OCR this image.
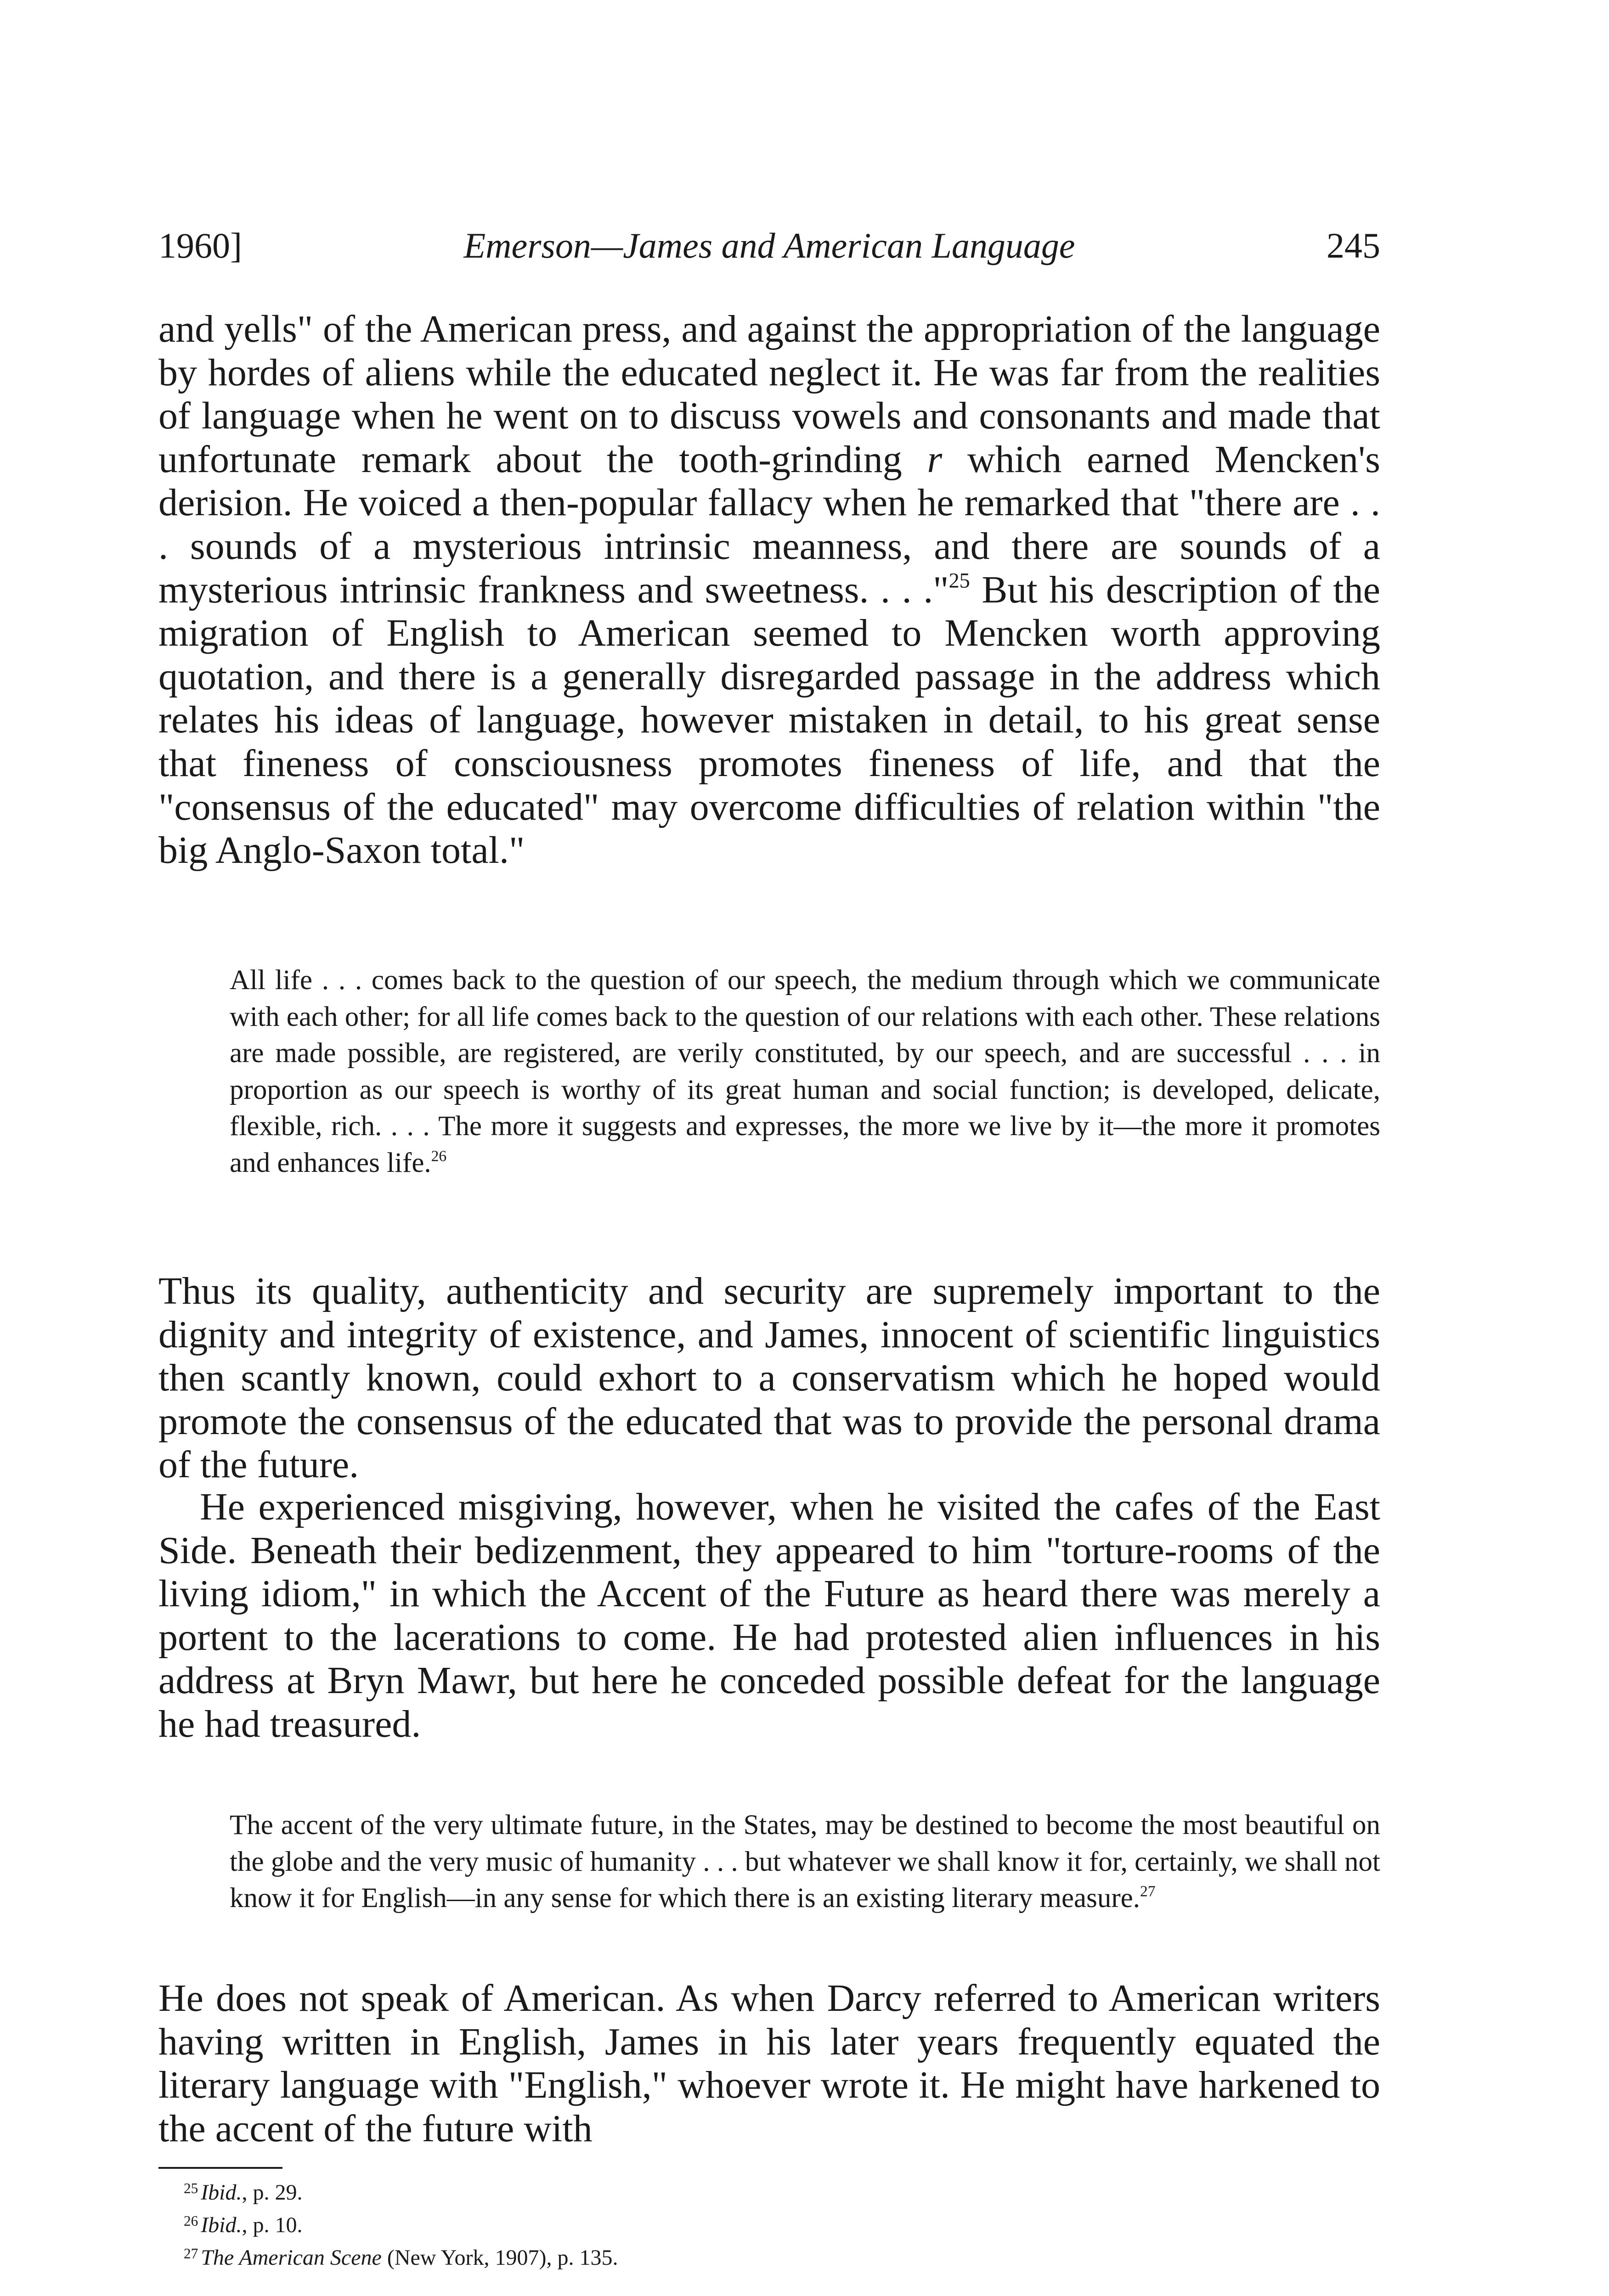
1960]	Emerson—James and American Language	245

and yells" of the American press, and against the appropriation of the language by hordes of aliens while the educated neglect it. He was far from the realities of language when he went on to discuss vowels and consonants and made that unfortunate remark about the tooth-grinding r which earned Mencken's derision. He voiced a then-popular fallacy when he remarked that "there are . . . sounds of a mysterious intrinsic meanness, and there are sounds of a mysterious intrinsic frankness and sweetness. . . ."$^{25}$ But his description of the migration of English to American seemed to Mencken worth approving quotation, and there is a generally disregarded passage in the address which relates his ideas of language, however mistaken in detail, to his great sense that fineness of consciousness promotes fineness of life, and that the "consensus of the educated" may overcome difficulties of relation within "the big Anglo-Saxon total."

All life . . . comes back to the question of our speech, the medium through which we communicate with each other; for all life comes back to the question of our relations with each other. These relations are made possible, are registered, are verily constituted, by our speech, and are successful . . . in proportion as our speech is worthy of its great human and social function; is developed, delicate, flexible, rich. . . . The more it suggests and expresses, the more we live by it—the more it promotes and enhances life.$^{26}$

Thus its quality, authenticity and security are supremely important to the dignity and integrity of existence, and James, innocent of scientific linguistics then scantly known, could exhort to a conservatism which he hoped would promote the consensus of the educated that was to provide the personal drama of the future.

He experienced misgiving, however, when he visited the cafes of the East Side. Beneath their bedizenment, they appeared to him "torture-rooms of the living idiom," in which the Accent of the Future as heard there was merely a portent to the lacerations to come. He had protested alien influences in his address at Bryn Mawr, but here he conceded possible defeat for the language he had treasured.

The accent of the very ultimate future, in the States, may be destined to become the most beautiful on the globe and the very music of humanity . . . but whatever we shall know it for, certainly, we shall not know it for English—in any sense for which there is an existing literary measure.$^{27}$

He does not speak of American. As when Darcy referred to American writers having written in English, James in his later years frequently equated the literary language with "English," whoever wrote it. He might have harkened to the accent of the future with

$^{25}$ Ibid., p. 29.
$^{26}$ Ibid., p. 10.
$^{27}$ The American Scene (New York, 1907), p. 135.
